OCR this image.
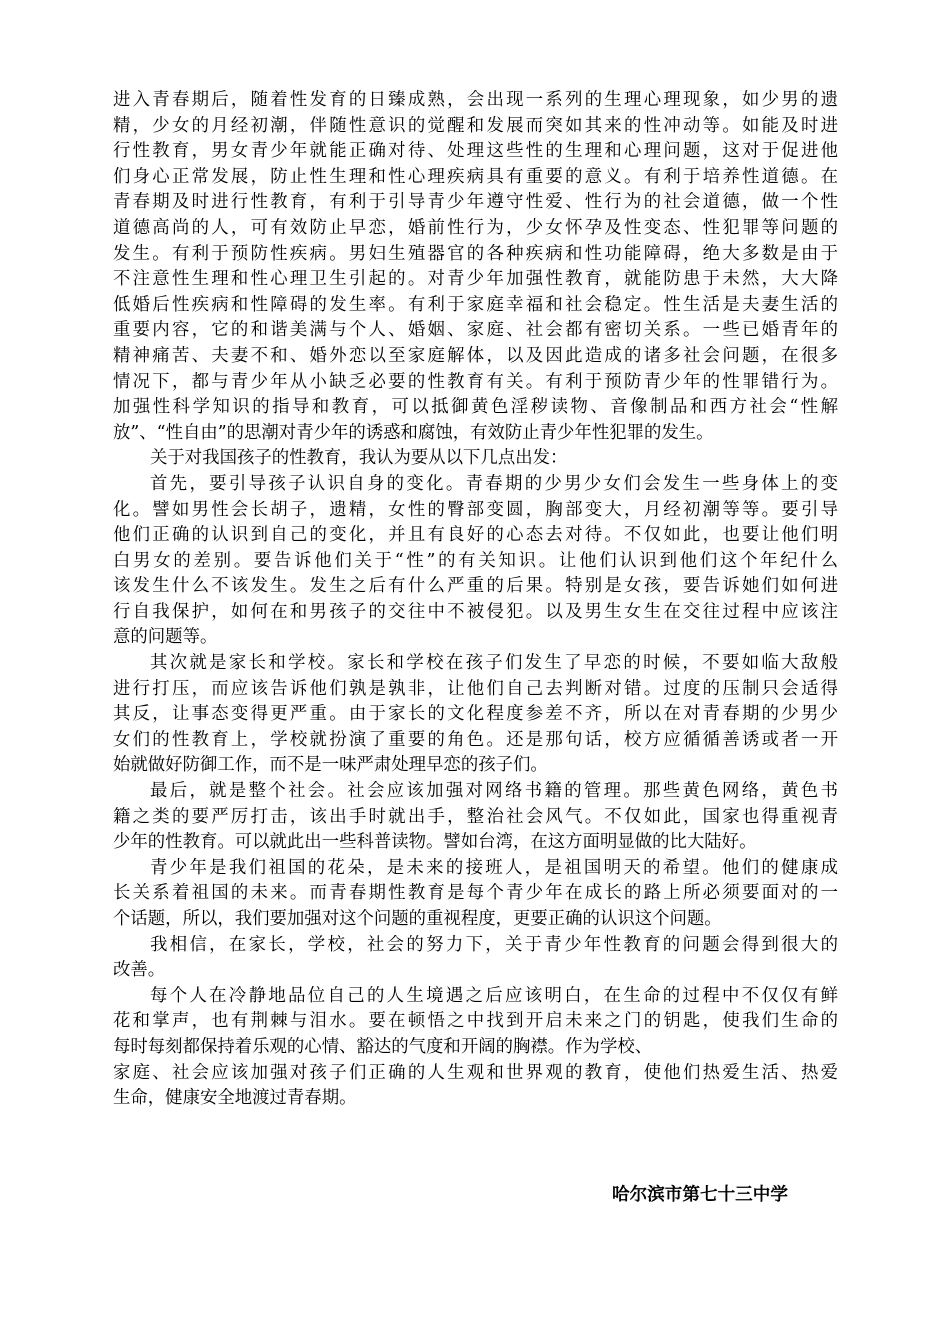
进入青春期后，随着性发育的日臻成熟，会出现一系列的生理心理现象，如少男的遗
精，少女的月经初潮，伴随性意识的觉醒和发展而突如其来的性冲动等。如能及时进
行性教育，男女青少年就能正确对待、处理这些性的生理和心理问题，这对于促进他
们身心正常发展，防止性生理和性心理疾病具有重要的意义。有利于培养性道德。在
青春期及时进行性教育，有利于引导青少年遵守性爱、性行为的社会道德，做一个性
道德高尚的人，可有效防止早恋，婚前性行为，少女怀孕及性变态、性犯罪等问题的
发生。有利于预防性疾病。男妇生殖器官的各种疾病和性功能障碍，绝大多数是由于
不注意性生理和性心理卫生引起的。对青少年加强性教育，就能防患于未然，大大降
低婚后性疾病和性障碍的发生率。有利于家庭幸福和社会稳定。性生活是夫妻生活的
重要内容，它的和谐美满与个人、婚姻、家庭、社会都有密切关系。一些已婚青年的
精神痛苦、夫妻不和、婚外恋以至家庭解体，以及因此造成的诸多社会问题，在很多
情况下，都与青少年从小缺乏必要的性教育有关。有利于预防青少年的性罪错行为。
加强性科学知识的指导和教育，可以抵御黄色淫秽读物、音像制品和西方社会“性解
放”、“性自由”的思潮对青少年的诱惑和腐蚀，有效防止青少年性犯罪的发生。
关于对我国孩子的性教育，我认为要从以下几点出发：
首先，要引导孩子认识自身的变化。青春期的少男少女们会发生一些身体上的变
化。譬如男性会长胡子，遗精，女性的臀部变圆，胸部变大，月经初潮等等。要引导
他们正确的认识到自己的变化，并且有良好的心态去对待。不仅如此，也要让他们明
白男女的差别。要告诉他们关于“性”的有关知识。让他们认识到他们这个年纪什么
该发生什么不该发生。发生之后有什么严重的后果。特别是女孩，要告诉她们如何进
行自我保护，如何在和男孩子的交往中不被侵犯。以及男生女生在交往过程中应该注
意的问题等。
其次就是家长和学校。家长和学校在孩子们发生了早恋的时候，不要如临大敌般
进行打压，而应该告诉他们孰是孰非，让他们自己去判断对错。过度的压制只会适得
其反，让事态变得更严重。由于家长的文化程度参差不齐，所以在对青春期的少男少
女们的性教育上，学校就扮演了重要的角色。还是那句话，校方应循循善诱或者一开
始就做好防御工作，而不是一味严肃处理早恋的孩子们。
最后，就是整个社会。社会应该加强对网络书籍的管理。那些黄色网络，黄色书
籍之类的要严厉打击，该出手时就出手，整治社会风气。不仅如此，国家也得重视青
少年的性教育。可以就此出一些科普读物。譬如台湾，在这方面明显做的比大陆好。
青少年是我们祖国的花朵，是未来的接班人，是祖国明天的希望。他们的健康成
长关系着祖国的未来。而青春期性教育是每个青少年在成长的路上所必须要面对的一
个话题，所以，我们要加强对这个问题的重视程度，更要正确的认识这个问题。
我相信，在家长，学校，社会的努力下，关于青少年性教育的问题会得到很大的
改善。
每个人在冷静地品位自己的人生境遇之后应该明白，在生命的过程中不仅仅有鲜
花和掌声，也有荆棘与泪水。要在顿悟之中找到开启未来之门的钥匙，使我们生命的
每时每刻都保持着乐观的心情、豁达的气度和开阔的胸襟。作为学校、
家庭、社会应该加强对孩子们正确的人生观和世界观的教育，使他们热爱生活、热爱
生命，健康安全地渡过青春期。
哈尔滨市第七十三中学
